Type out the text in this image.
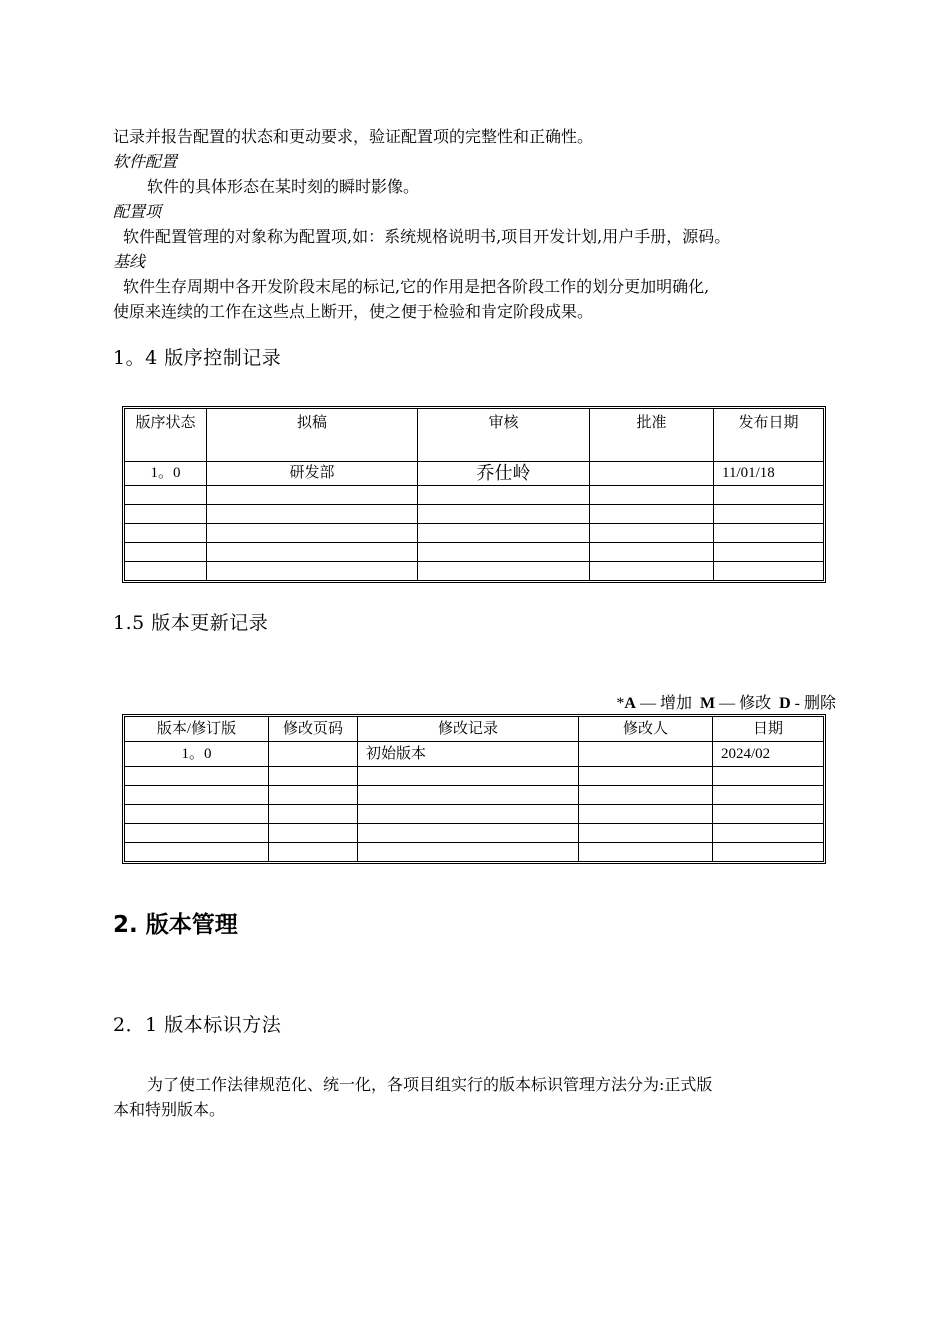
记录并报告配置的状态和更动要求，验证配置项的完整性和正确性。
软件配置
软件的具体形态在某时刻的瞬时影像。
配置项
软件配置管理的对象称为配置项,如：系统规格说明书,项目开发计划,用户手册，源码。
基线
软件生存周期中各开发阶段末尾的标记,它的作用是把各阶段工作的划分更加明确化,
使原来连续的工作在这些点上断开，使之便于检验和肯定阶段成果。
1。4 版序控制记录
版序状态	拟稿	审核	批准	发布日期
1。0	研发部	乔仕岭		11/01/18

1.5 版本更新记录
*A — 增加  M — 修改  D - 删除
版本/修订版	修改页码	修改记录	修改人	日期
1。0		初始版本		2024/02

2. 版本管理
2．1 版本标识方法
为了使工作法律规范化、统一化，各项目组实行的版本标识管理方法分为:正式版
本和特别版本。
